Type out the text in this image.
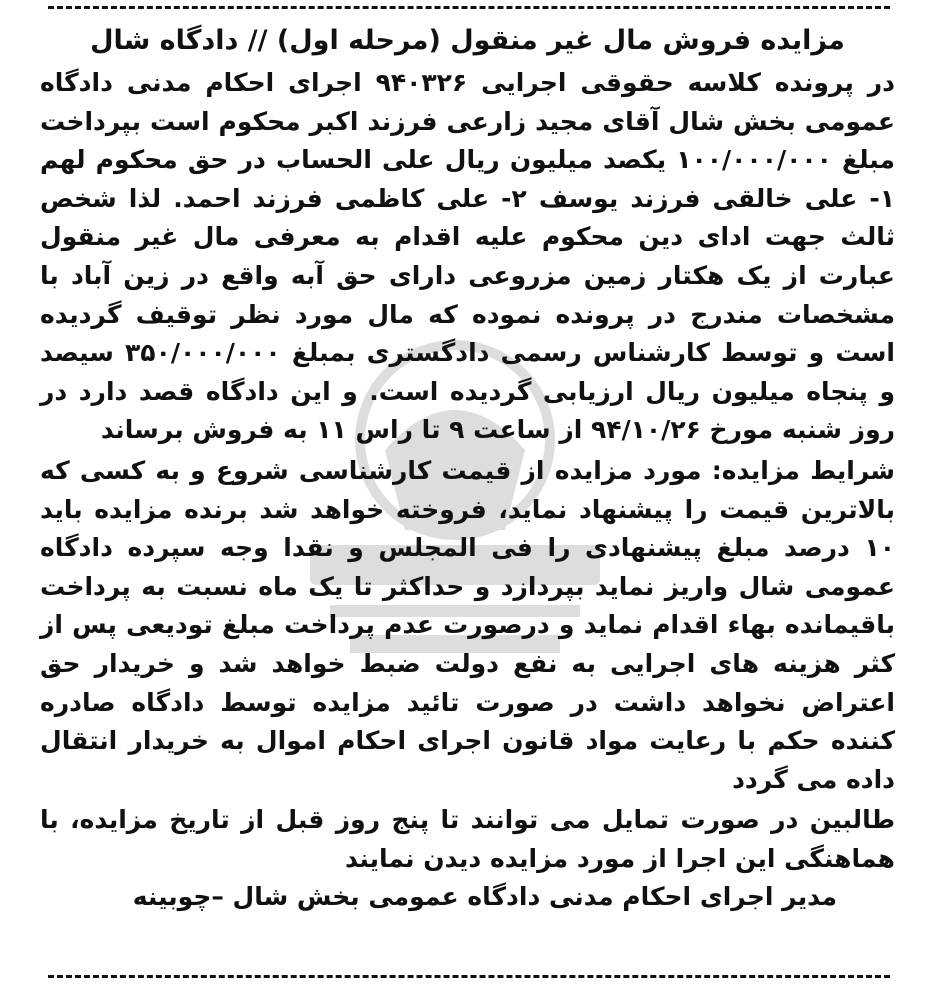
مزایده فروش مال غیر منقول (مرحله اول) // دادگاه شال

در پرونده کلاسه حقوقی اجرایی ۹۴۰۳۲۶ اجرای احکام مدنی دادگاه عمومی بخش شال آقای مجید زارعی فرزند اکبر محکوم است بپرداخت مبلغ ۱۰۰/۰۰۰/۰۰۰ یکصد میلیون ریال علی الحساب در حق محکوم لهم ۱- علی خالقی فرزند یوسف ۲- علی کاظمی فرزند احمد. لذا شخص ثالث جهت ادای دین محکوم علیه اقدام به معرفی مال غیر منقول عبارت از یک هکتار زمین مزروعی دارای حق آبه واقع در زین آباد با مشخصات مندرج در پرونده نموده که مال مورد نظر توقیف گردیده است و توسط کارشناس رسمی دادگستری بمبلغ ۳۵۰/۰۰۰/۰۰۰ سیصد و پنجاه میلیون ریال ارزیابی گردیده است. و این دادگاه قصد دارد در روز شنبه مورخ ۹۴/۱۰/۲۶ از ساعت ۹ تا راس ۱۱ به فروش برساند

شرایط مزایده: مورد مزایده از قیمت کارشناسی شروع و به کسی که بالاترین قیمت را پیشنهاد نماید، فروخته خواهد شد برنده مزایده باید ۱۰ درصد مبلغ پیشنهادی را فی المجلس و نقدا وجه سپرده دادگاه عمومی شال واریز نماید بپردازد و حداکثر تا یک ماه نسبت به پرداخت باقیمانده بهاء اقدام نماید و درصورت عدم پرداخت مبلغ تودیعی پس از کثر هزینه های اجرایی به نفع دولت ضبط خواهد شد و خریدار حق اعتراض نخواهد داشت در صورت تائید مزایده توسط دادگاه صادره کننده حکم با رعایت مواد قانون اجرای احکام اموال به خریدار انتقال داده می گردد

طالبین در صورت تمایل می توانند تا پنج روز قبل از تاریخ مزایده، با هماهنگی این اجرا از مورد مزایده دیدن نمایند

مدیر اجرای احکام مدنی دادگاه عمومی بخش شال –چوبینه
